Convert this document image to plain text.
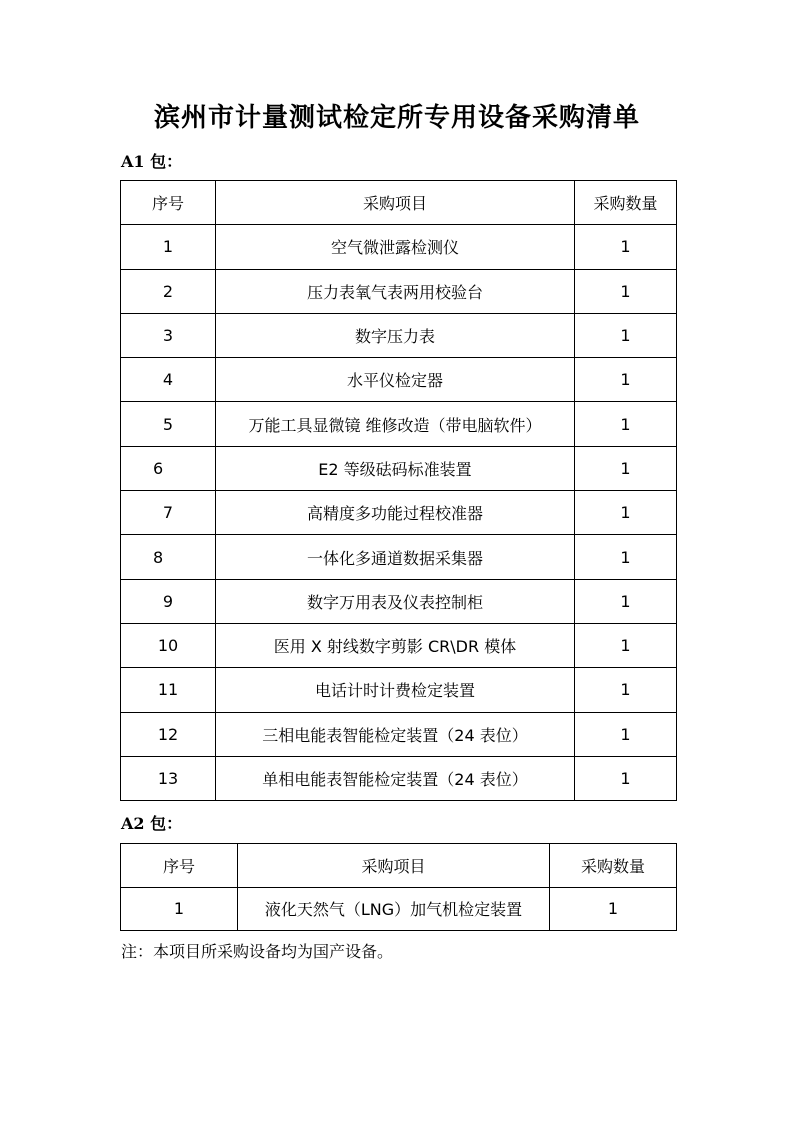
滨州市计量测试检定所专用设备采购清单
A1 包：
序号	采购项目	采购数量
1	空气微泄露检测仪	1
2	压力表氧气表两用校验台	1
3	数字压力表	1
4	水平仪检定器	1
5	万能工具显微镜 维修改造（带电脑软件）	1
6	E2 等级砝码标准装置	1
7	高精度多功能过程校准器	1
8	一体化多通道数据采集器	1
9	数字万用表及仪表控制柜	1
10	医用 X 射线数字剪影 CR\DR 模体	1
11	电话计时计费检定装置	1
12	三相电能表智能检定装置（24 表位）	1
13	单相电能表智能检定装置（24 表位）	1
A2 包：
序号	采购项目	采购数量
1	液化天然气（LNG）加气机检定装置	1
注：本项目所采购设备均为国产设备。
